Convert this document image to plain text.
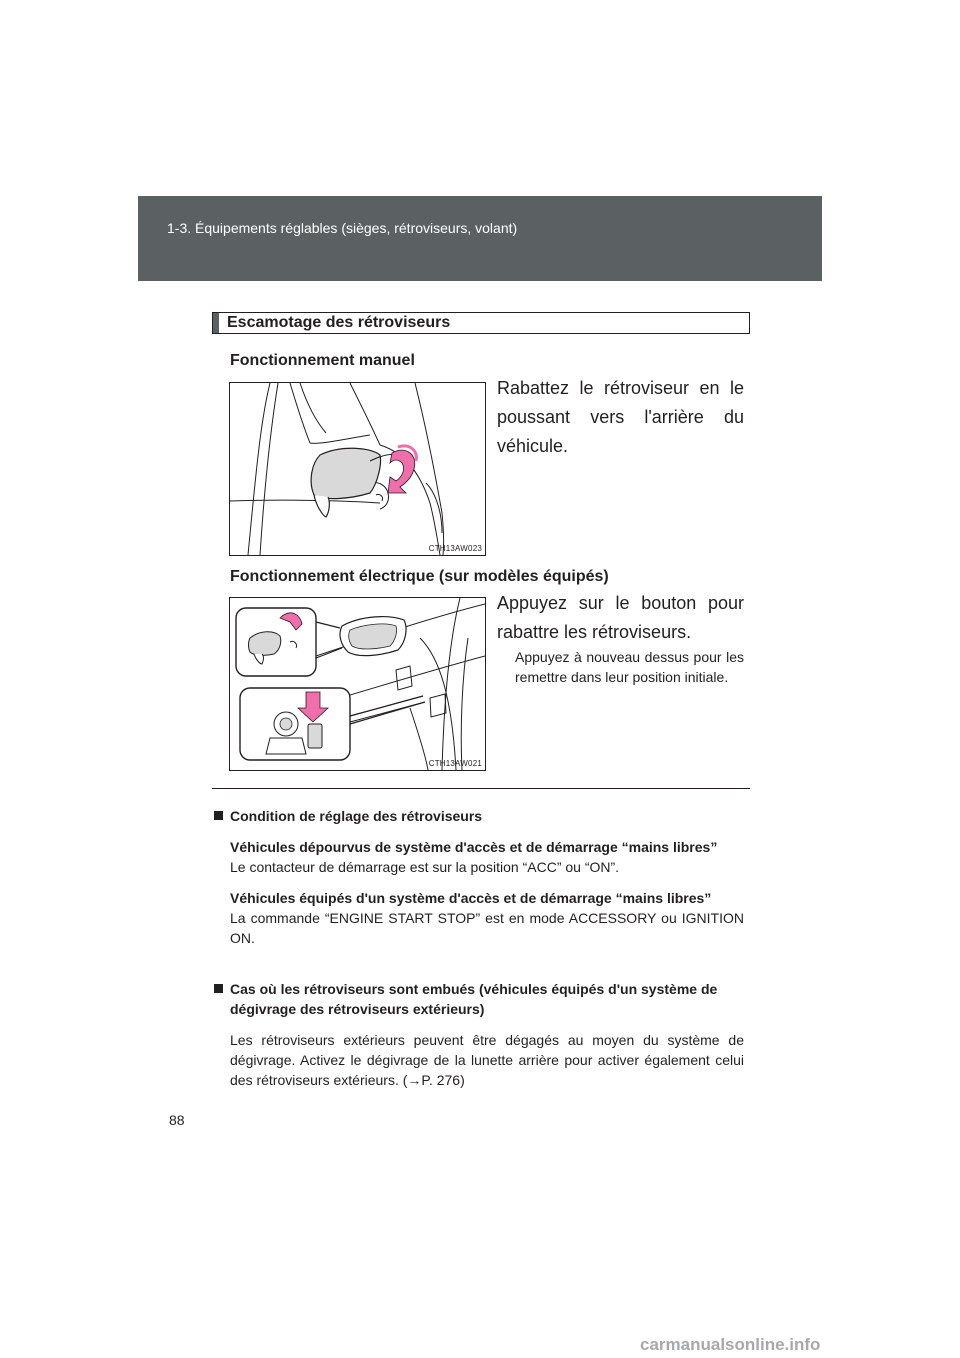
1-3. Équipements réglables (sièges, rétroviseurs, volant)
Escamotage des rétroviseurs
Fonctionnement manuel
CTH13AW023
Rabattez le rétroviseur en le poussant vers l'arrière du véhicule.
Fonctionnement électrique (sur modèles équipés)
CTH13AW021
Appuyez sur le bouton pour rabattre les rétroviseurs.
Appuyez à nouveau dessus pour les remettre dans leur position initiale.
Condition de réglage des rétroviseurs
Véhicules dépourvus de système d'accès et de démarrage “mains libres”
Le contacteur de démarrage est sur la position “ACC” ou “ON”.
Véhicules équipés d'un système d'accès et de démarrage “mains libres”
La commande “ENGINE START STOP” est en mode ACCESSORY ou IGNITION ON.
Cas où les rétroviseurs sont embués (véhicules équipés d'un système de dégivrage des rétroviseurs extérieurs)
Les rétroviseurs extérieurs peuvent être dégagés au moyen du système de dégivrage. Activez le dégivrage de la lunette arrière pour activer également celui des rétroviseurs extérieurs. (→P. 276)
88
carmanualsonline.info
